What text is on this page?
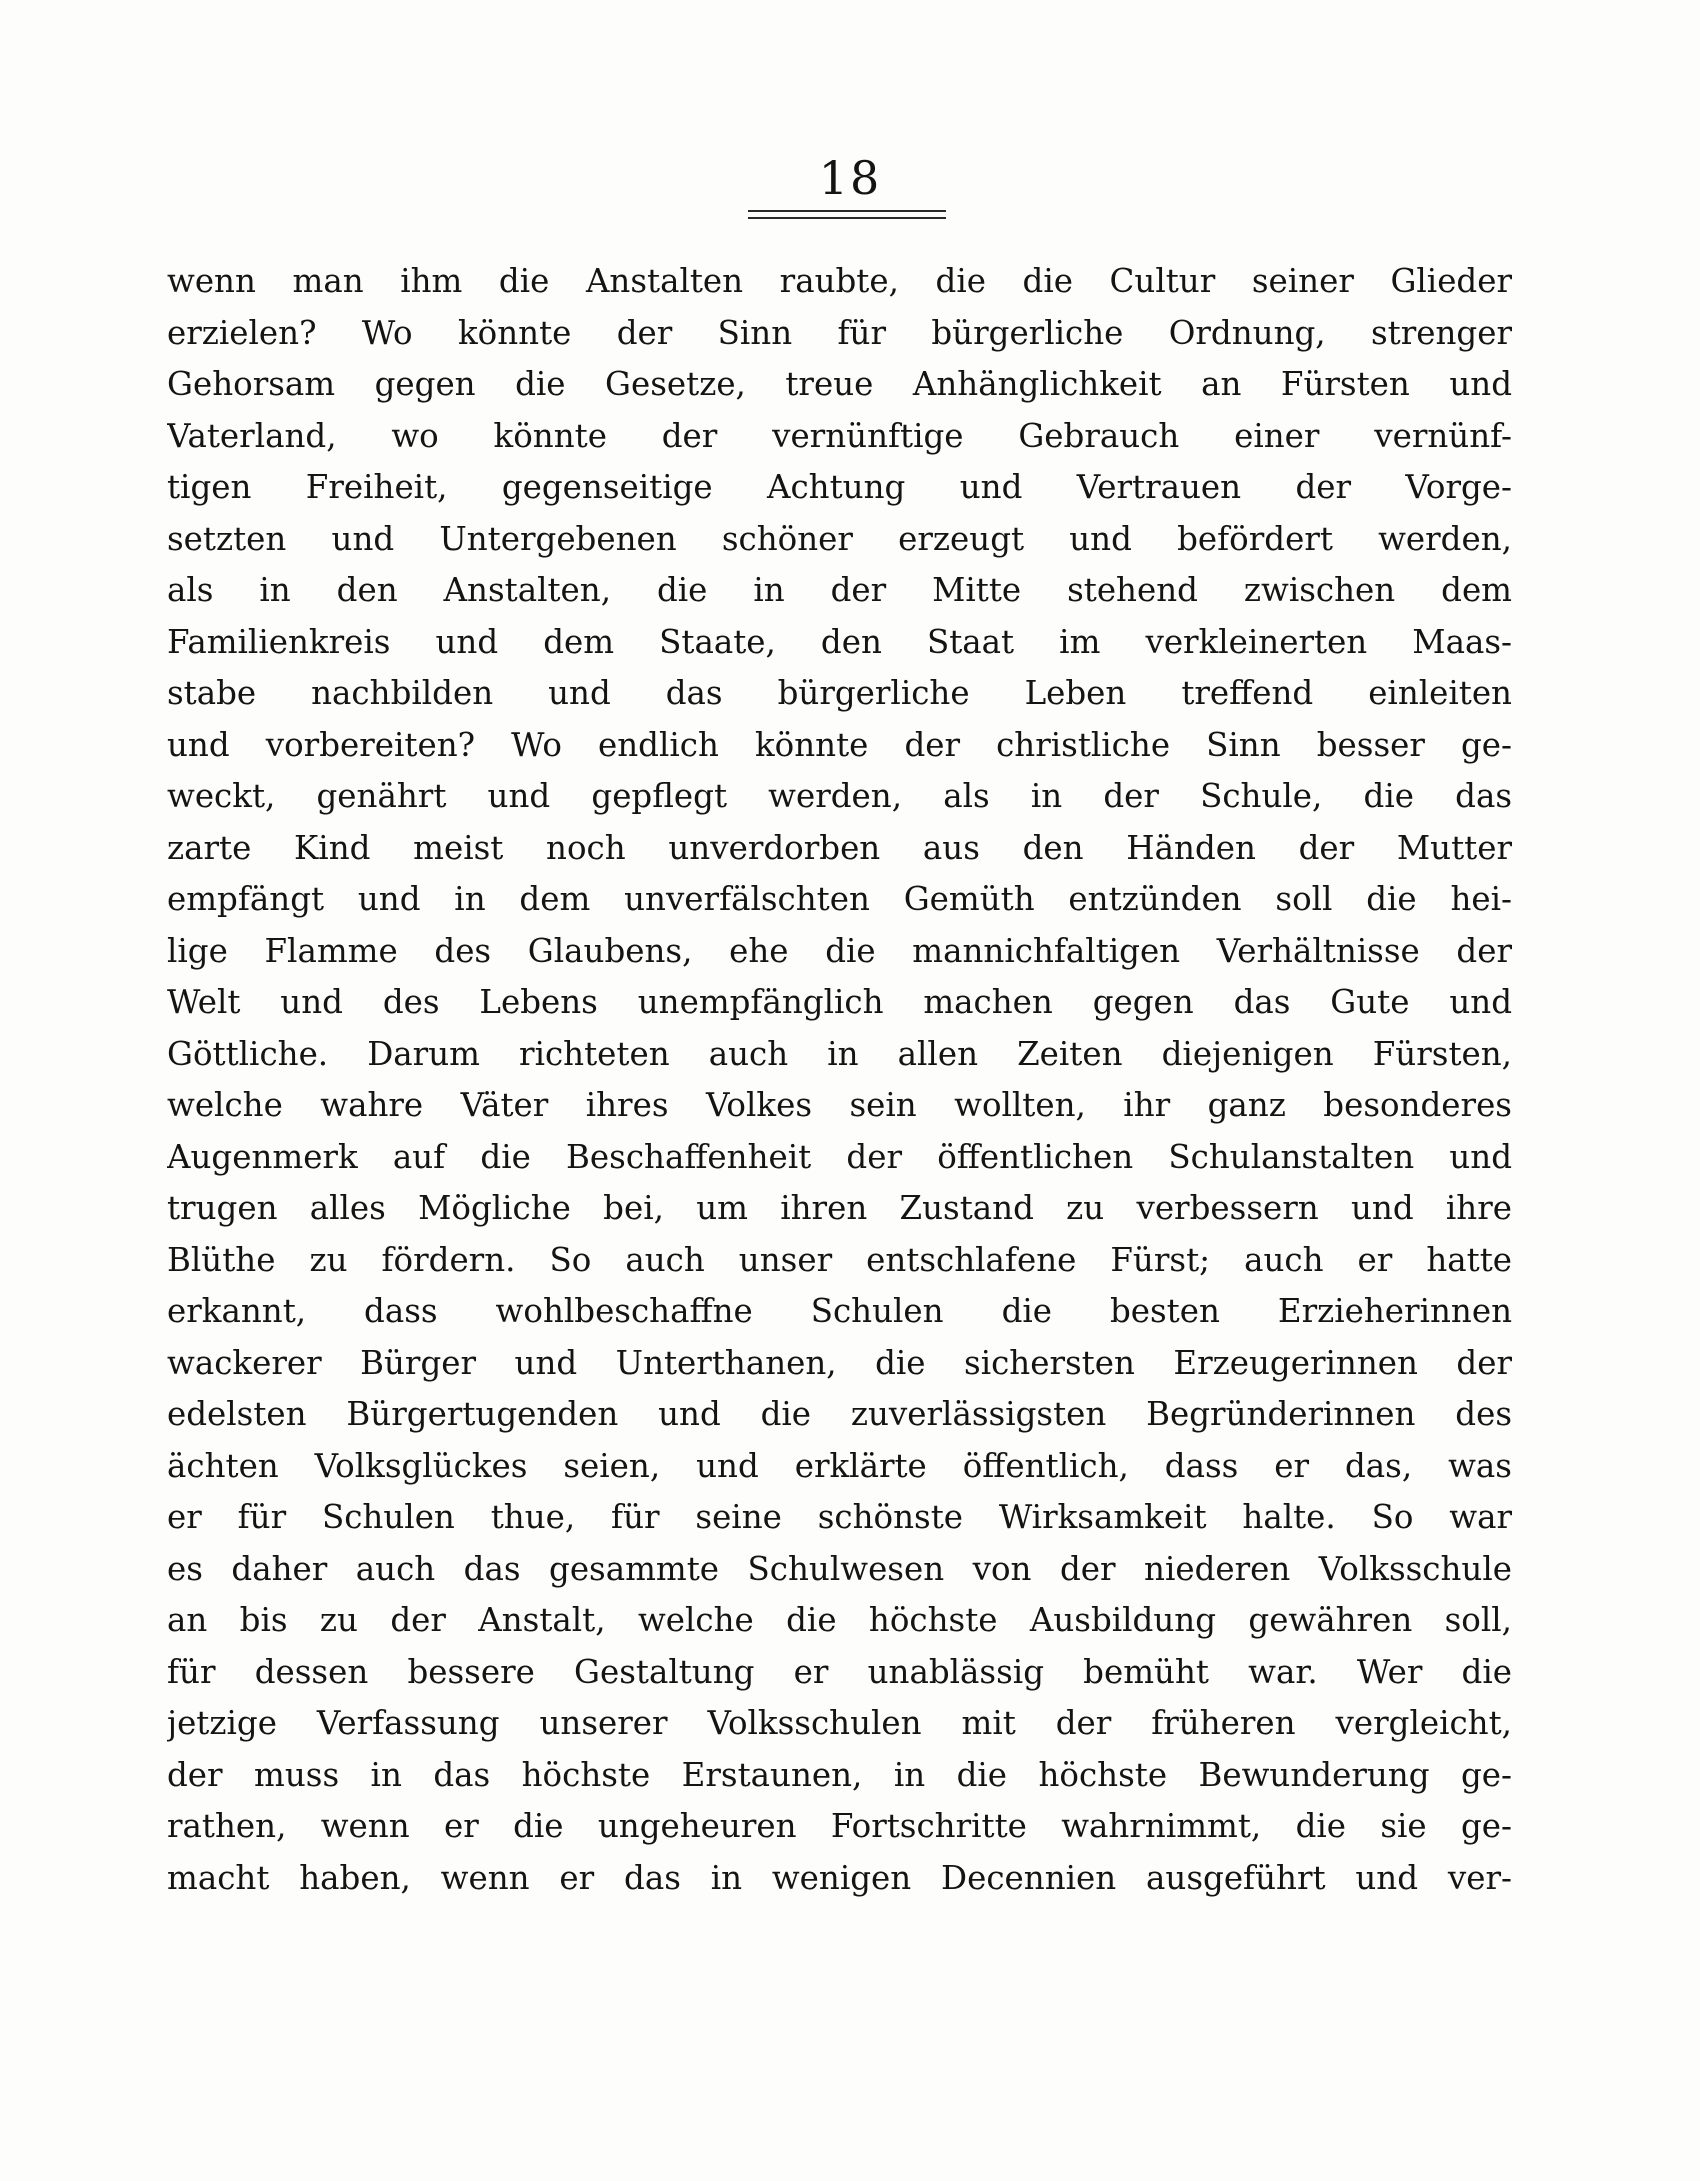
18
wenn man ihm die Anstalten raubte, die die Cultur seiner Glieder
erzielen? Wo könnte der Sinn für bürgerliche Ordnung, strenger
Gehorsam gegen die Gesetze, treue Anhänglichkeit an Fürsten und
Vaterland, wo könnte der vernünftige Gebrauch einer vernünf-
tigen Freiheit, gegenseitige Achtung und Vertrauen der Vorge-
setzten und Untergebenen schöner erzeugt und befördert werden,
als in den Anstalten, die in der Mitte stehend zwischen dem
Familienkreis und dem Staate, den Staat im verkleinerten Maas-
stabe nachbilden und das bürgerliche Leben treffend einleiten
und vorbereiten? Wo endlich könnte der christliche Sinn besser ge-
weckt, genährt und gepflegt werden, als in der Schule, die das
zarte Kind meist noch unverdorben aus den Händen der Mutter
empfängt und in dem unverfälschten Gemüth entzünden soll die hei-
lige Flamme des Glaubens, ehe die mannichfaltigen Verhältnisse der
Welt und des Lebens unempfänglich machen gegen das Gute und
Göttliche. Darum richteten auch in allen Zeiten diejenigen Fürsten,
welche wahre Väter ihres Volkes sein wollten, ihr ganz besonderes
Augenmerk auf die Beschaffenheit der öffentlichen Schulanstalten und
trugen alles Mögliche bei, um ihren Zustand zu verbessern und ihre
Blüthe zu fördern. So auch unser entschlafene Fürst; auch er hatte
erkannt, dass wohlbeschaffne Schulen die besten Erzieherinnen
wackerer Bürger und Unterthanen, die sichersten Erzeugerinnen der
edelsten Bürgertugenden und die zuverlässigsten Begründerinnen des
ächten Volksglückes seien, und erklärte öffentlich, dass er das, was
er für Schulen thue, für seine schönste Wirksamkeit halte. So war
es daher auch das gesammte Schulwesen von der niederen Volksschule
an bis zu der Anstalt, welche die höchste Ausbildung gewähren soll,
für dessen bessere Gestaltung er unablässig bemüht war. Wer die
jetzige Verfassung unserer Volksschulen mit der früheren vergleicht,
der muss in das höchste Erstaunen, in die höchste Bewunderung ge-
rathen, wenn er die ungeheuren Fortschritte wahrnimmt, die sie ge-
macht haben, wenn er das in wenigen Decennien ausgeführt und ver-
